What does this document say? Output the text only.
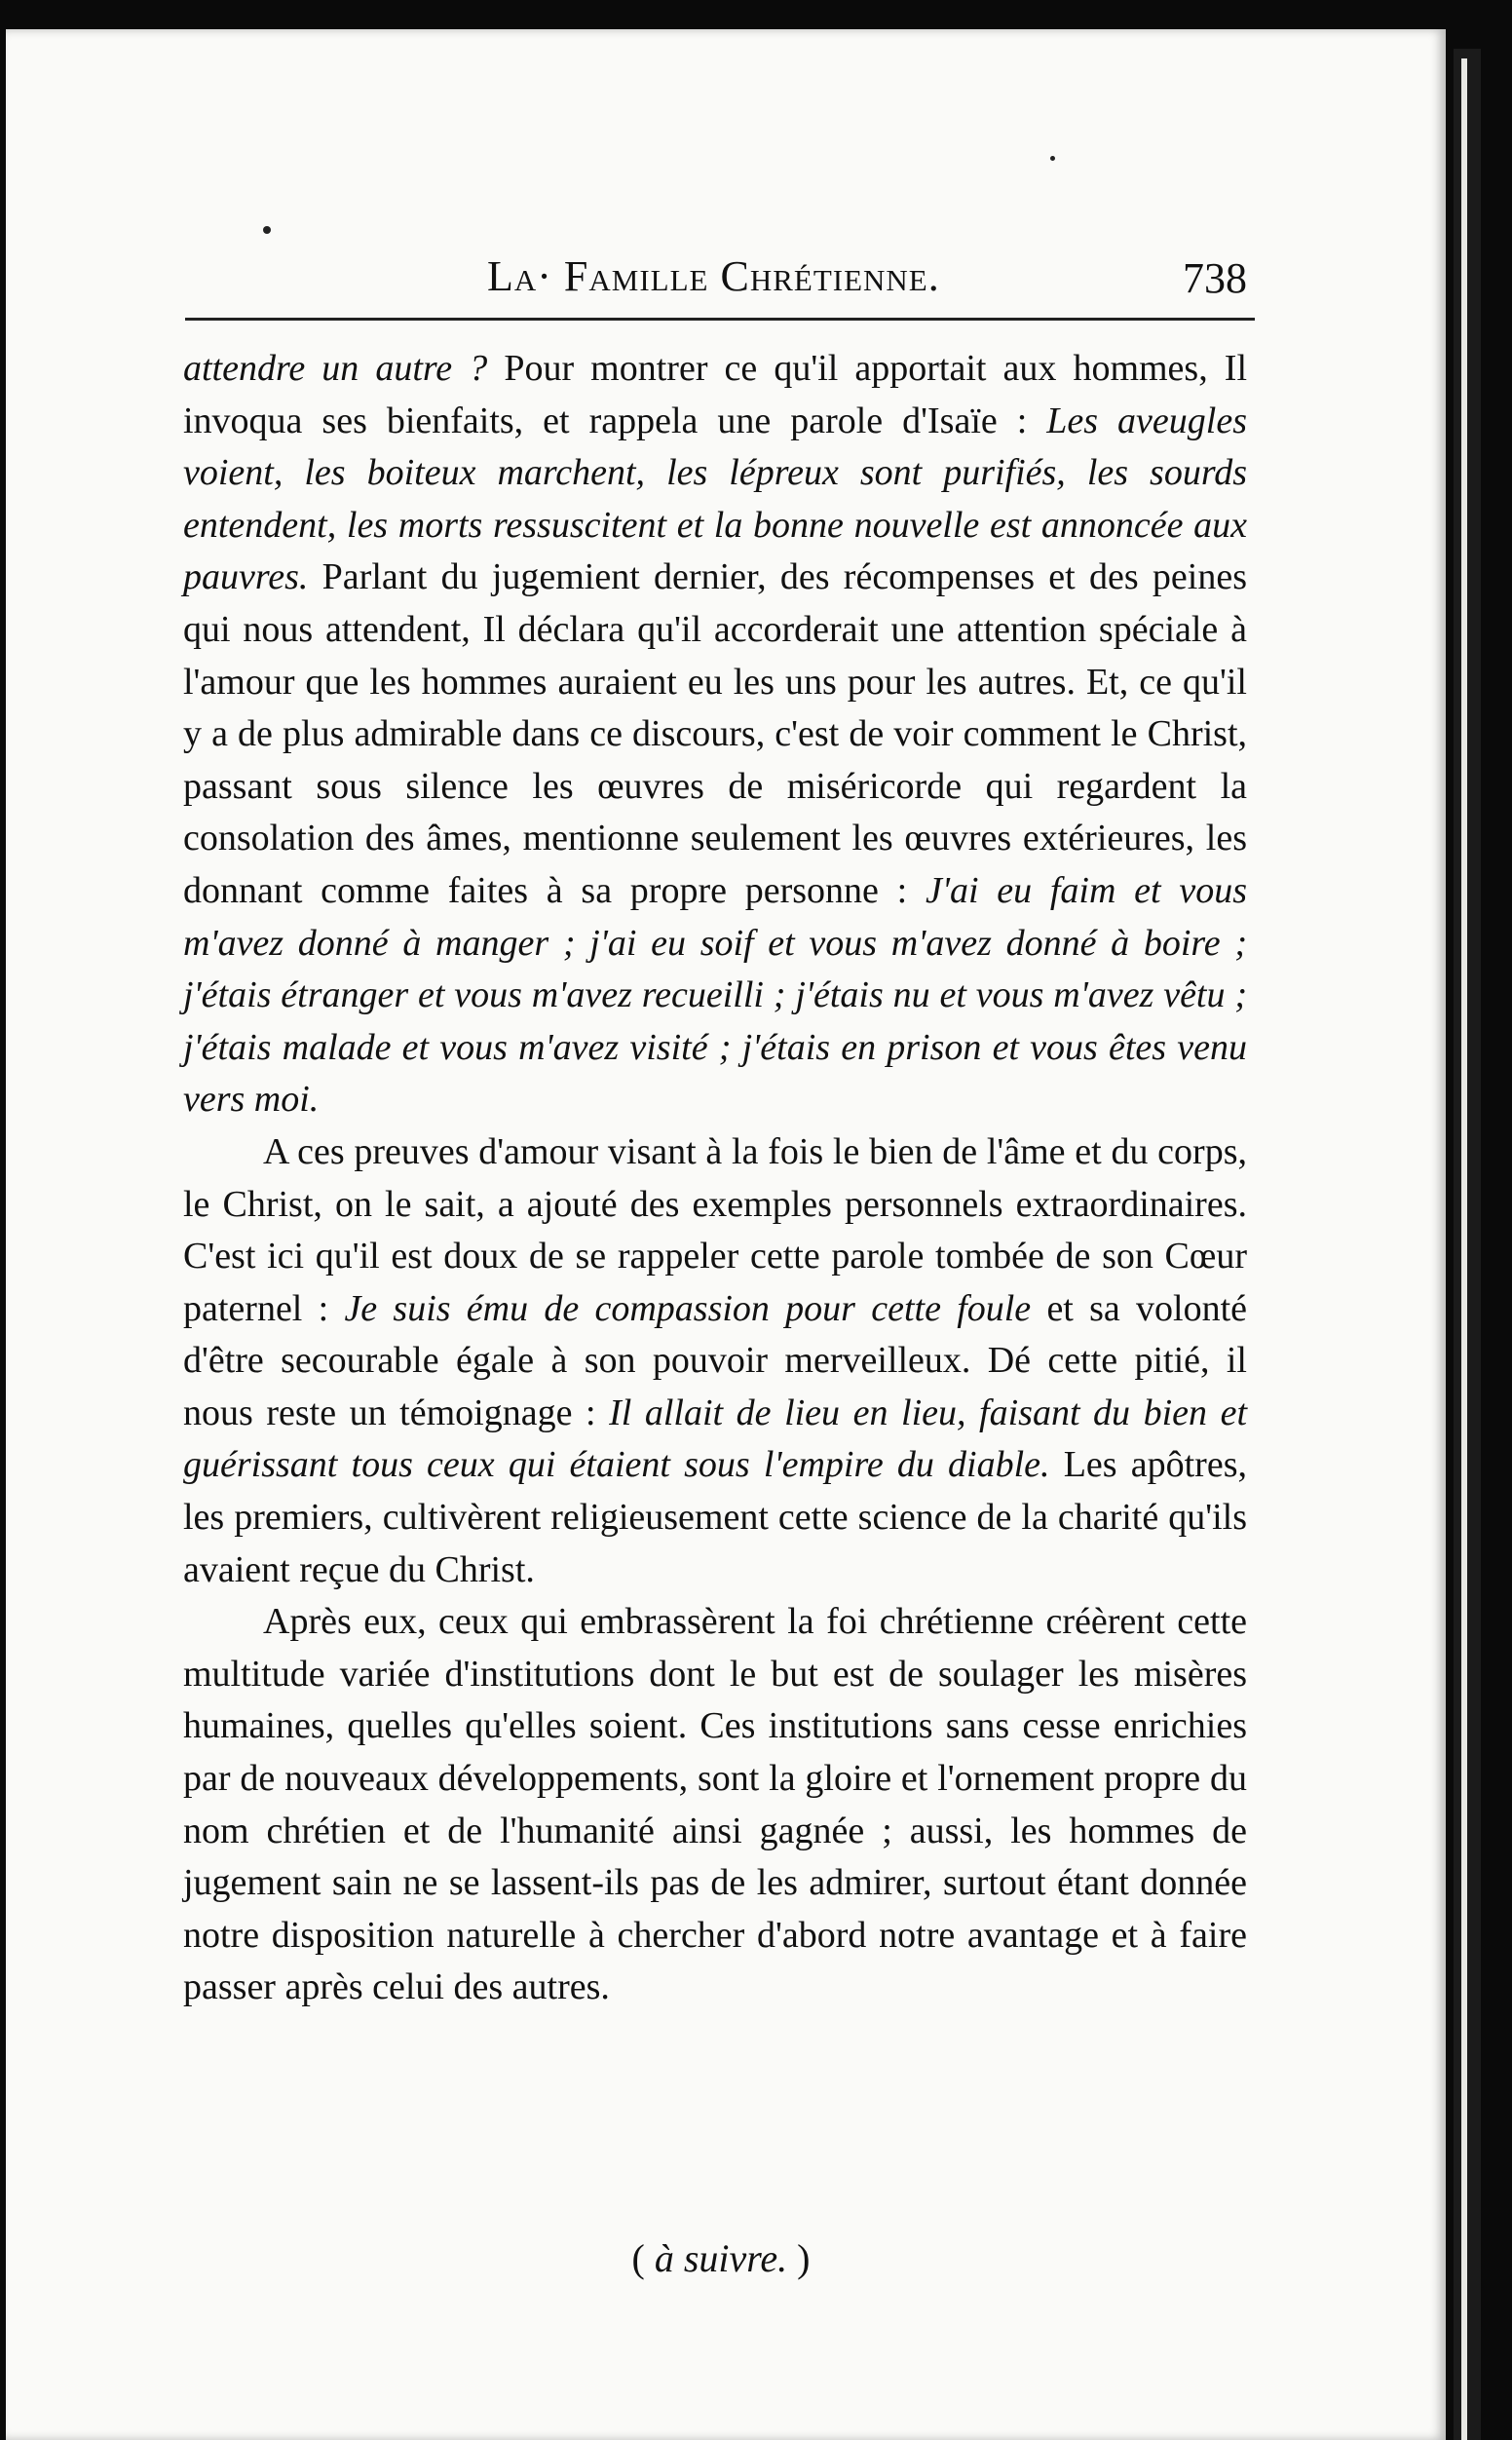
La· Famille Chrétienne.	738

attendre un autre ? Pour montrer ce qu'il apportait aux hommes, Il invoqua ses bienfaits, et rappela une parole d'Isaïe : Les aveugles voient, les boiteux marchent, les lépreux sont purifiés, les sourds entendent, les morts ressuscitent et la bonne nouvelle est annoncée aux pauvres. Parlant du jugemient dernier, des récompenses et des peines qui nous attendent, Il déclara qu'il accorderait une attention spéciale à l'amour que les hommes auraient eu les uns pour les autres. Et, ce qu'il y a de plus admirable dans ce discours, c'est de voir comment le Christ, passant sous silence les œuvres de miséricorde qui regardent la consolation des âmes, mentionne seulement les œuvres extérieures, les donnant comme faites à sa propre personne : J'ai eu faim et vous m'avez donné à manger ; j'ai eu soif et vous m'avez donné à boire ; j'étais étranger et vous m'avez recueilli ; j'étais nu et vous m'avez vêtu ; j'étais malade et vous m'avez visité ; j'étais en prison et vous êtes venu vers moi.

A ces preuves d'amour visant à la fois le bien de l'âme et du corps, le Christ, on le sait, a ajouté des exemples personnels extraordinaires. C'est ici qu'il est doux de se rappeler cette parole tombée de son Cœur paternel : Je suis ému de compassion pour cette foule et sa volonté d'être secourable égale à son pouvoir merveilleux. Dé cette pitié, il nous reste un témoignage : Il allait de lieu en lieu, faisant du bien et guérissant tous ceux qui étaient sous l'empire du diable. Les apôtres, les premiers, cultivèrent religieusement cette science de la charité qu'ils avaient reçue du Christ.

Après eux, ceux qui embrassèrent la foi chrétienne créèrent cette multitude variée d'institutions dont le but est de soulager les misères humaines, quelles qu'elles soient. Ces institutions sans cesse enrichies par de nouveaux développements, sont la gloire et l'ornement propre du nom chrétien et de l'humanité ainsi gagnée ; aussi, les hommes de jugement sain ne se lassent-ils pas de les admirer, surtout étant donnée notre disposition naturelle à chercher d'abord notre avantage et à faire passer après celui des autres.

( à suivre. )
